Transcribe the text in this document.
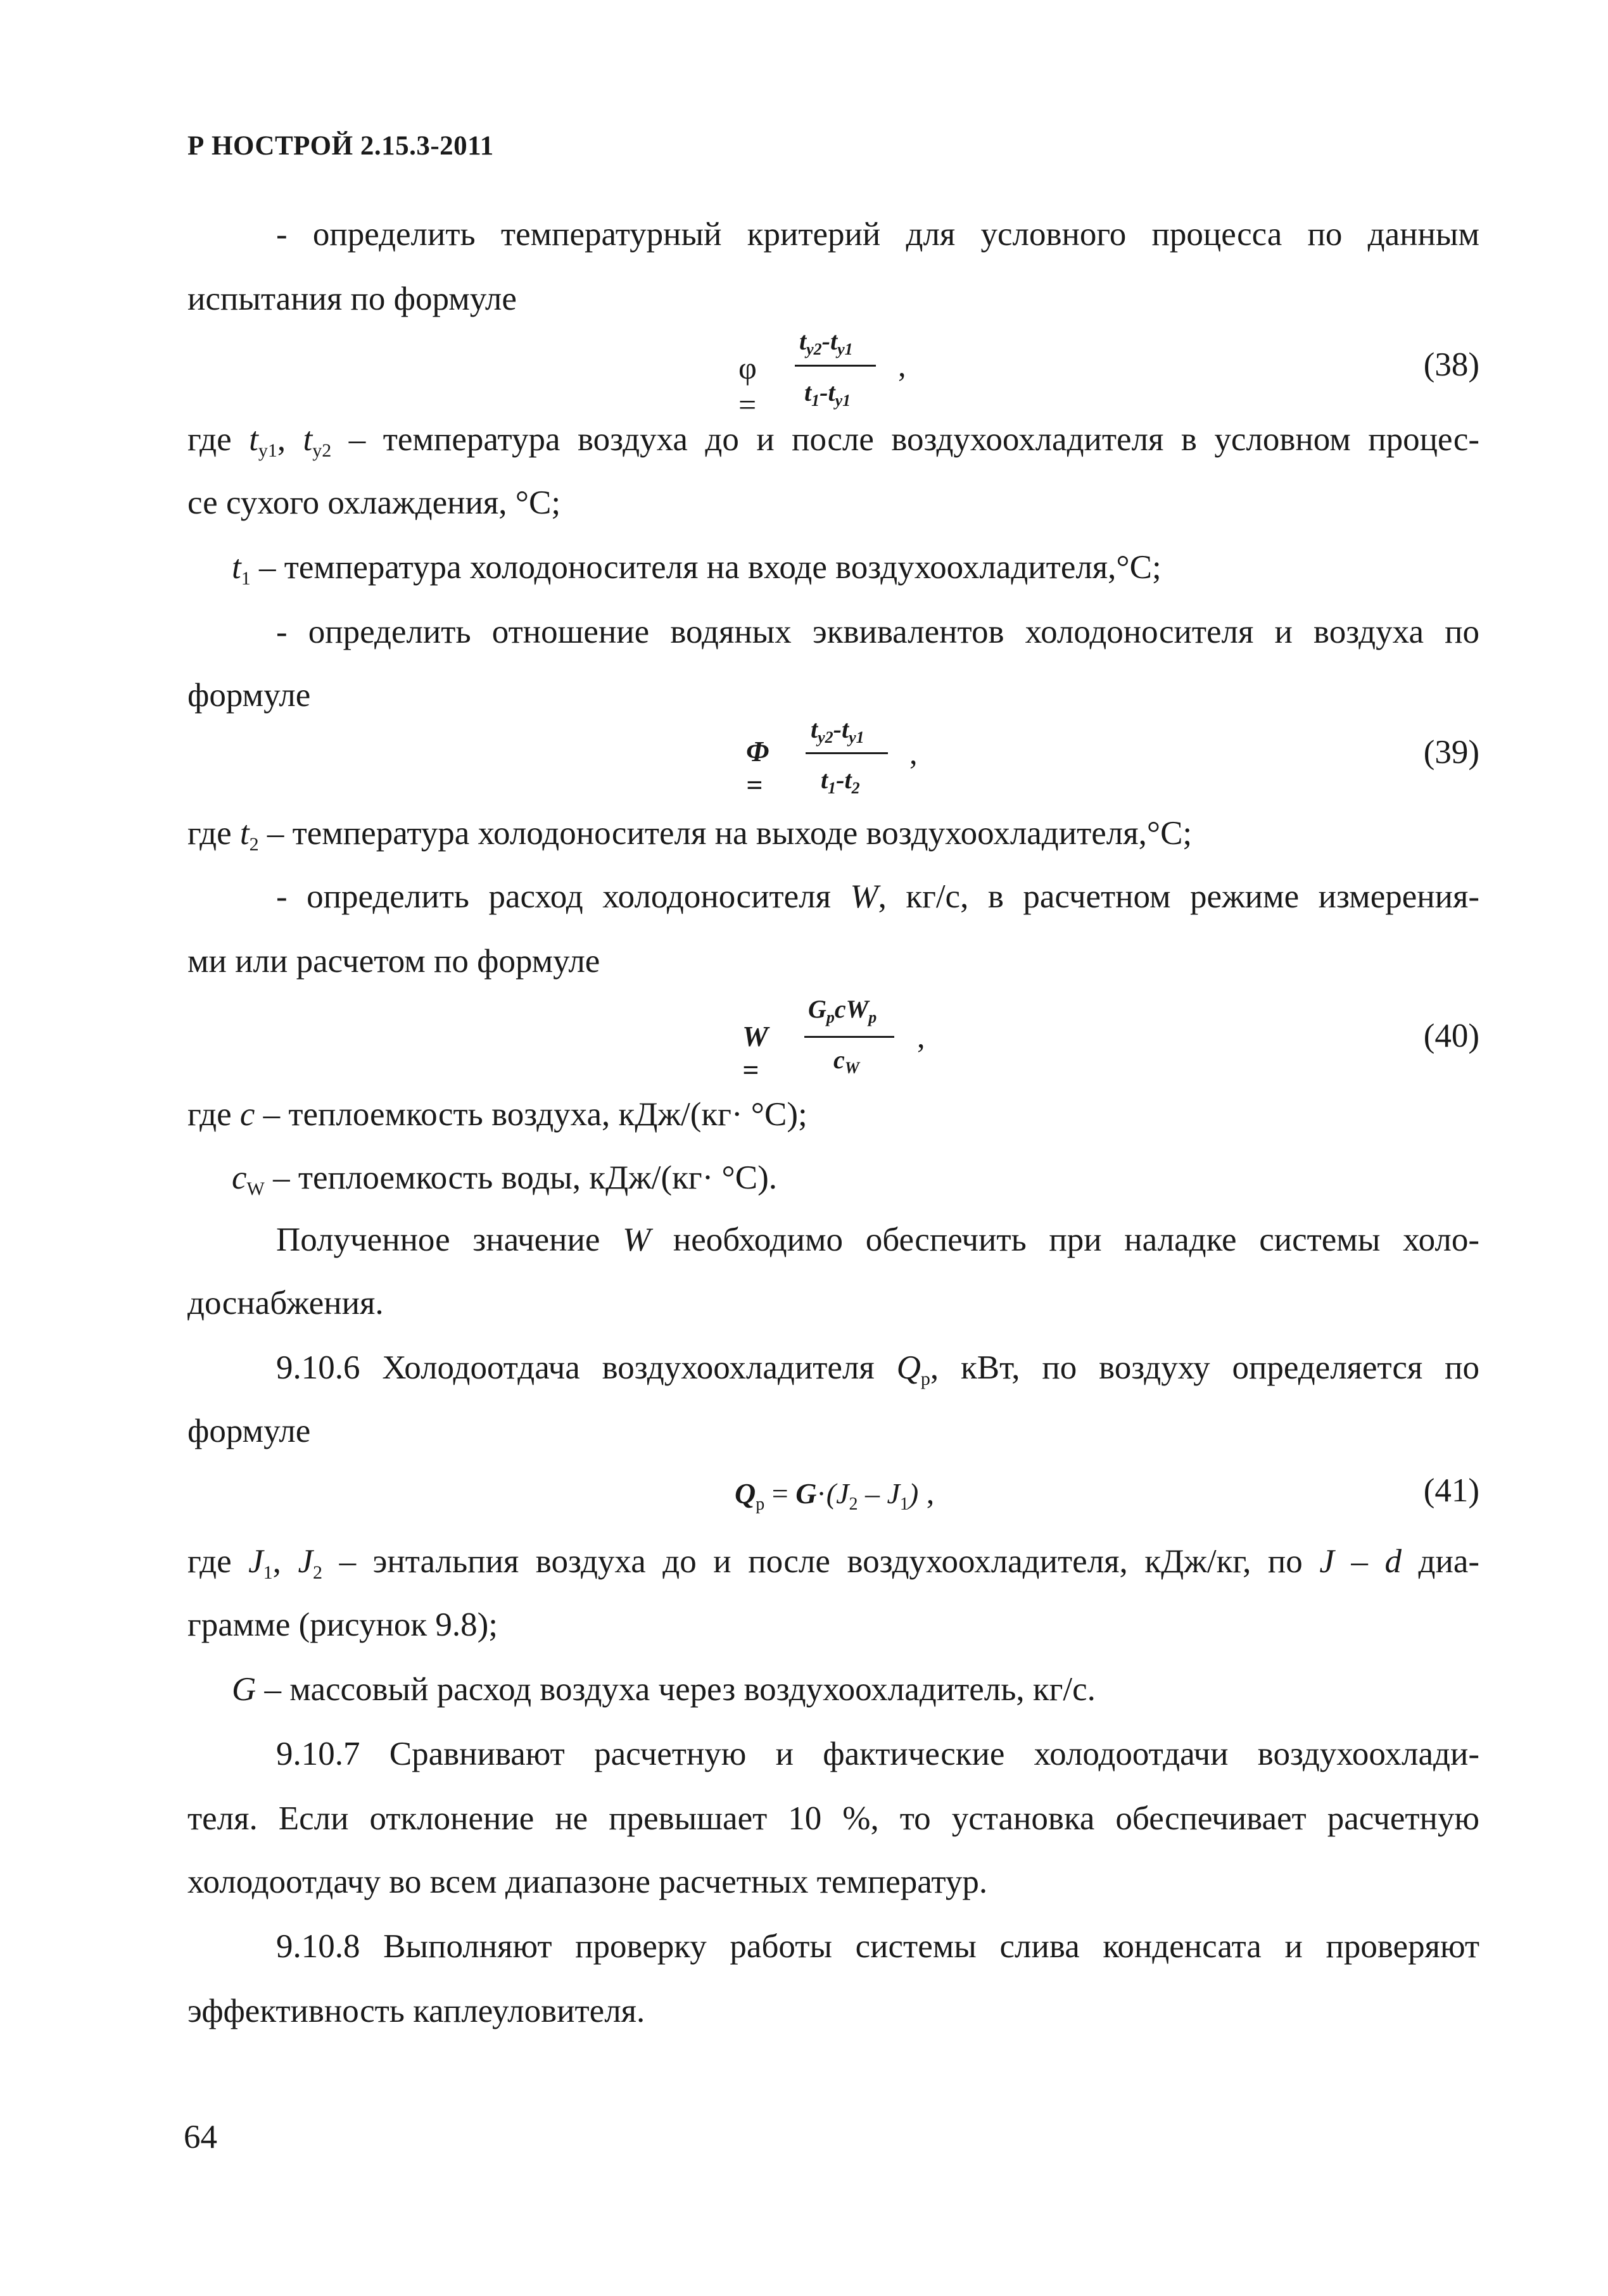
Р НОСТРОЙ 2.15.3-2011
- определить температурный критерий для условного процесса по данным
испытания по формуле
φ =
$t_{у2}-t_{у1}$
$t_1-t_{у1}$
,	(38)
где $t_{у1}$, $t_{у2}$ – температура воздуха до и после воздухоохладителя в условном процес-
се сухого охлаждения, °С;
$t_1$ – температура холодоносителя на входе воздухоохладителя,°С;
- определить отношение водяных эквивалентов холодоносителя и воздуха по
формуле
Φ =
$t_{у2}-t_{у1}$
$t_1-t_2$
,	(39)
где $t_2$ – температура холодоносителя на выходе воздухоохладителя,°С;
- определить расход холодоносителя W, кг/с, в расчетном режиме измерения-
ми или расчетом по формуле
W =
$G_рcW_р$
$c_W$
,	(40)
где c – теплоемкость воздуха, кДж/(кг· °С);
$c_W$ – теплоемкость воды, кДж/(кг· °С).
Полученное значение W необходимо обеспечить при наладке системы холо-
доснабжения.
9.10.6 Холодоотдача воздухоохладителя $Q_р$, кВт, по воздуху определяется по
формуле
$Q_р = G\cdot(J_2 - J_1)$ ,	(41)
где $J_1$, $J_2$ – энтальпия воздуха до и после воздухоохладителя, кДж/кг, по J – d диа-
грамме (рисунок 9.8);
G – массовый расход воздуха через воздухоохладитель, кг/с.
9.10.7 Сравнивают расчетную и фактические холодоотдачи воздухоохлади-
теля. Если отклонение не превышает 10 %, то установка обеспечивает расчетную
холодоотдачу во всем диапазоне расчетных температур.
9.10.8 Выполняют проверку работы системы слива конденсата и проверяют
эффективность каплеуловителя.
64
